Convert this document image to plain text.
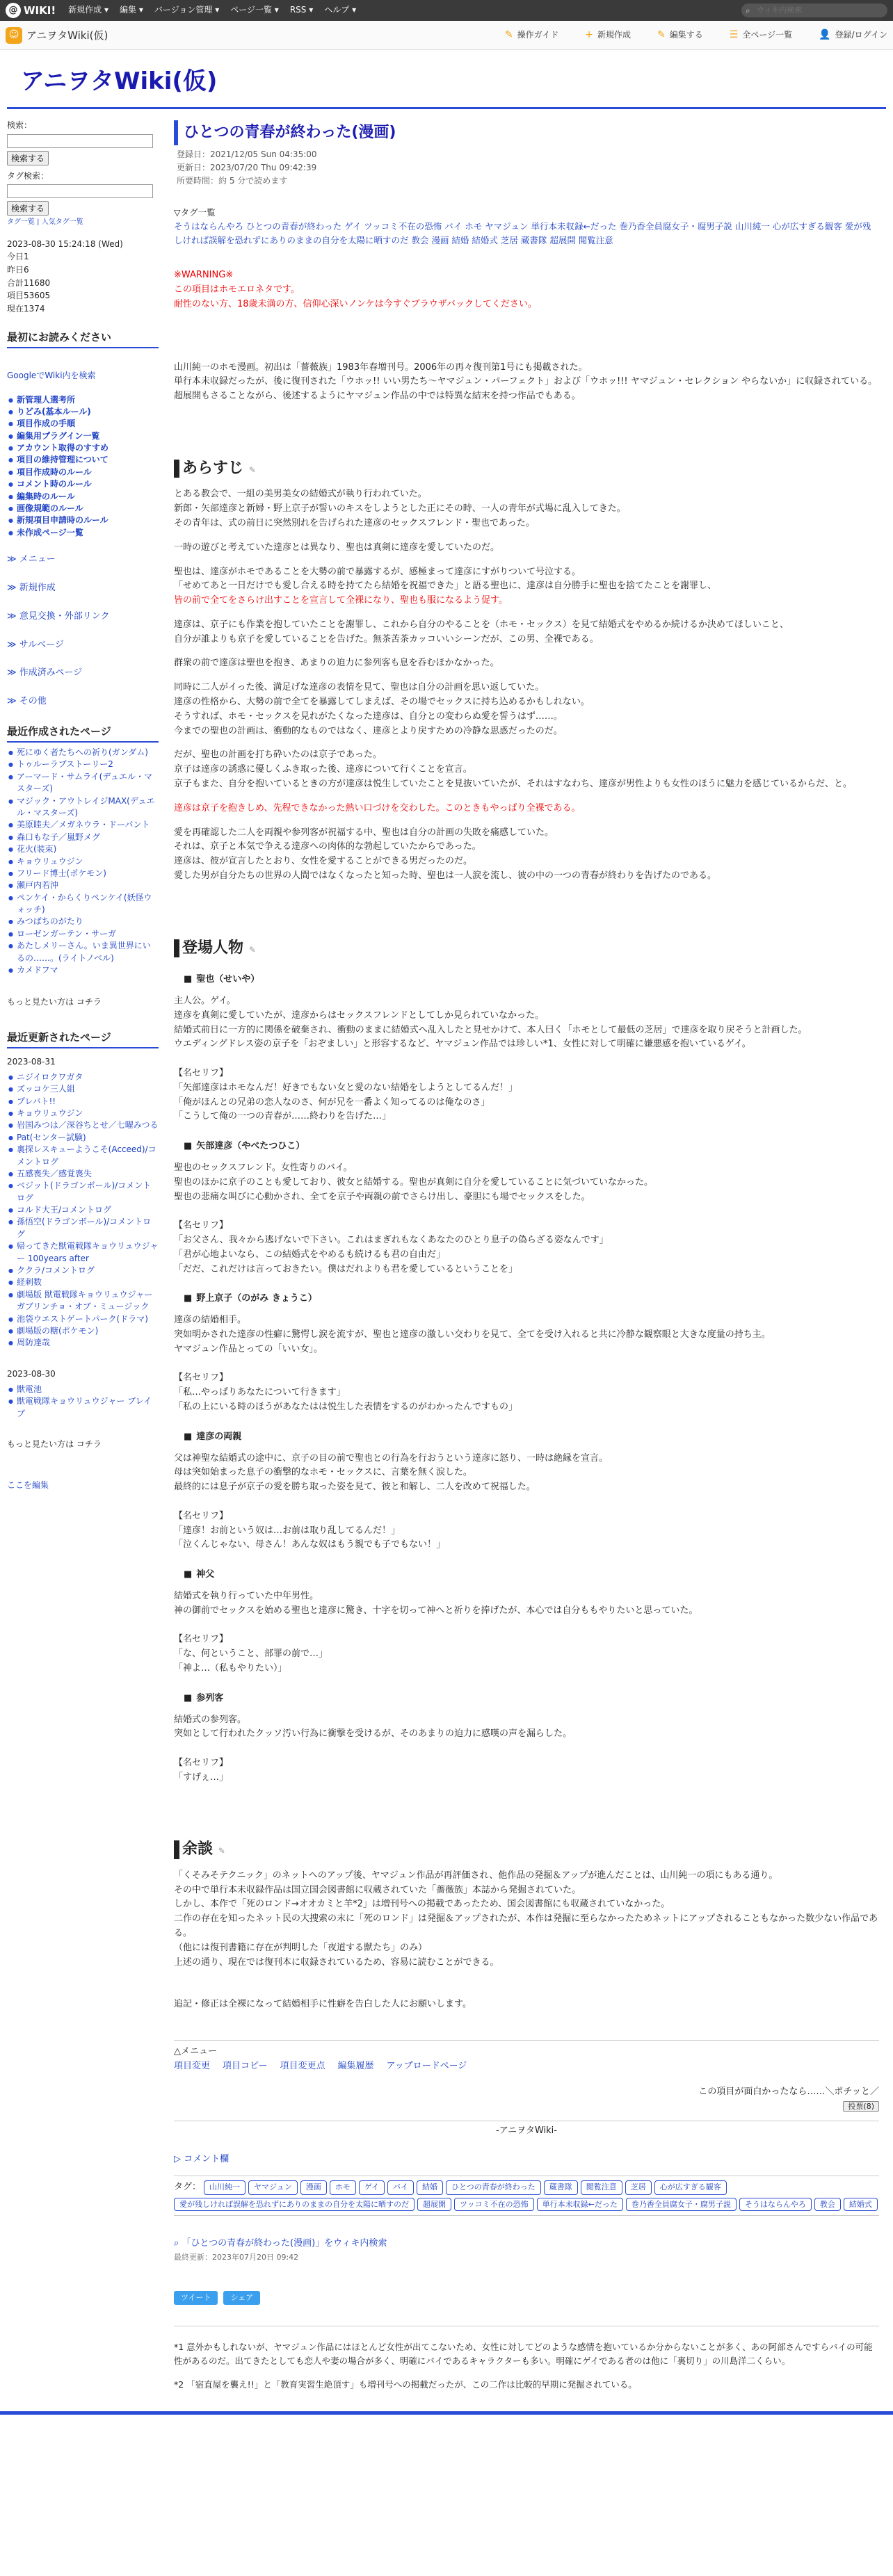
@ WIKI! 新規作成 ▾ 編集 ▾ バージョン管理 ▾ ページ一覧 ▾ RSS ▾ ヘルプ ▾	⌕
ウィキ内検索
☺ アニヲタWiki(仮)	✎ 操作ガイド	+ 新規作成	✎ 編集する	☰ 全ページ一覧	👤 登録/ログイン
アニヲタWiki(仮)
検索：
検索する
タグ検索：
検索する
タグ一覧 | 人気タグ一覧
2023-08-30 15:24:18 (Wed)
今日1
昨日6
合計11680
項目53605
現在1374
最初にお読みください
GoogleでWiki内を検索
● 新管理人選考所
● りどみ(基本ルール)
● 項目作成の手順
● 編集用プラグイン一覧
● アカウント取得のすすめ
● 項目の維持管理について
● 項目作成時のルール
● コメント時のルール
● 編集時のルール
● 画像規範のルール
● 新規項目申請時のルール
● 未作成ページ一覧
≫ メニュー
≫ 新規作成
≫ 意見交換・外部リンク
≫ サルベージ
≫ 作成済みページ
≫ その他
最近作成されたページ
● 死にゆく者たちへの祈り(ガンダム)
● トゥルーラブストーリー2
● アーマード・サムライ(デュエル・マスターズ)
● マジック・アウトレイジMAX(デュエル・マスターズ)
● 美原睦夫／メガネウラ・ドーパント
● 森口もな子／嵐野メグ
● 花火(装束)
● キョウリュウジン
● フリード博士(ポケモン)
● 瀬戸内若沖
● ペンケイ・からくりペンケイ(妖怪ウォッチ)
● みつばちのがたり
● ローゼンガーテン・サーガ
● あたしメリーさん。いま異世界にいるの……。(ライトノベル)
● カメドフマ
もっと見たい方は コチラ
最近更新されたページ
2023-08-31
● ニジイロクワガタ
● ズッコケ三人組
● プレバト!!
● キョウリュウジン
● 岩国みつは／深谷ちとせ／七曜みつる
● Pat(センター試験)
● 裏探レスキューようこそ(Acceed)/コメントログ
● 五感喪失／感覚喪失
● ベジット(ドラゴンボール)/コメントログ
● コルド大王/コメントログ
● 孫悟空(ドラゴンボール)/コメントログ
● 帰ってきた獣電戦隊キョウリュウジャー 100years after
● ククラ/コメントログ
● 経刺数
● 劇場版 獣電戦隊キョウリュウジャー ガブリンチョ・オブ・ミュージック
● 池袋ウエストゲートパーク(ドラマ)
● 劇場版の糖(ポケモン)
● 周防達哉
2023-08-30
● 獣電池
● 獣電戦隊キョウリュウジャー ブレイブ
もっと見たい方は コチラ
ここを編集
ひとつの青春が終わった(漫画)
登録日：2021/12/05 Sun 04:35:00
更新日：2023/07/20 Thu 09:42:39
所要時間：約 5 分で読めます
▽タグ一覧
そうはならんやろ ひとつの青春が終わった ゲイ ツッコミ不在の恐怖 バイ ホモ ヤマジュン 単行本未収録←だった 巻乃香全員腐女子・腐男子説 山川純一 心が広すぎる観客 愛が残しければ誤解を恐れずにありのままの自分を太陽に晒すのだ 教会 漫画 結婚 結婚式 芝居 蔵書隊 超展開 閲覧注意
※WARNING※
この項目はホモエロネタです。
耐性のない方、18歳未満の方、信仰心深いノンケは今すぐブラウザバックしてください。
山川純一のホモ漫画。初出は「薔薇族」1983年春増刊号。2006年の再々復刊第1号にも掲載された。
単行本未収録だったが、後に復刊された「ウホッ!! いい男たち〜ヤマジュン・パーフェクト」および「ウホッ!!! ヤマジュン・セレクション やらないか」に収録されている。
超展開もさることながら、後述するようにヤマジュン作品の中では特異な結末を持つ作品でもある。
あらすじ ✎
とある教会で、一組の美男美女の結婚式が執り行われていた。
新郎・矢部達彦と新婦・野上京子が誓いのキスをしようとした正にその時、一人の青年が式場に乱入してきた。
その青年は、式の前日に突然別れを告げられた達彦のセックスフレンド・聖也であった。
一時の遊びと考えていた達彦とは異なり、聖也は真剣に達彦を愛していたのだ。
聖也は、達彦がホモであることを大勢の前で暴露するが、感極まって達彦にすがりついて号泣する。
「せめてあと一日だけでも愛し合える時を持てたら結婚を祝福できた」と語る聖也に、達彦は自分勝手に聖也を捨てたことを謝罪し、
皆の前で全てをさらけ出すことを宣言して全裸になり、聖也も服になるよう促す。
達彦は、京子にも作業を抱していたことを謝罪し、これから自分のやることを（ホモ・セックス）を見て結婚式をやめるか続けるか決めてほしいこと、
自分が誰よりも京子を愛していることを告げた。無茶苦茶カッコいいシーンだが、この男、全裸である。
群衆の前で達彦は聖也を抱き、あまりの迫力に参列客も息を呑むほかなかった。
同時に二人がイった後、満足げな達彦の表情を見て、聖也は自分の計画を思い返していた。
達彦の性格から、大勢の前で全てを暴露してしまえば、その場でセックスに持ち込めるかもしれない。
そうすれば、ホモ・セックスを見れがたくなった達彦は、自分との変わらぬ愛を誓うはず……。
今までの聖也の計画は、衝動的なものではなく、達彦とより戻すための冷静な思惑だったのだ。
だが、聖也の計画を打ち砕いたのは京子であった。
京子は達彦の誘惑に優しくふき取った後、達彦について行くことを宣言。
京子もまた、自分を抱いているときの方が達彦は悦生していたことを見抜いていたが、それはすなわち、達彦が男性よりも女性のほうに魅力を感じているからだ、と。
達彦は京子を抱きしめ、先程できなかった熱い口づけを交わした。このときもやっぱり全裸である。
愛を再確認した二人を両親や参列客が祝福する中、聖也は自分の計画の失敗を痛感していた。
それは、京子と本気で争える達彦への肉体的な勃起していたからであった。
達彦は、彼が宣言したとおり、女性を愛することができる男だったのだ。
愛した男が自分たちの世界の人間ではなくなったと知った時、聖也は一人涙を流し、彼の中の一つの青春が終わりを告げたのである。
登場人物 ✎
■ 聖也（せいや）
主人公。ゲイ。
達彦を真剣に愛していたが、達彦からはセックスフレンドとしてしか見られていなかった。
結婚式前日に一方的に関係を破棄され、衝動のままに結婚式へ乱入したと見せかけて、本人曰く「ホモとして最低の芝居」で達彦を取り戻そうと計画した。
ウエディングドレス姿の京子を「おぞましい」と形容するなど、ヤマジュン作品では珍しい*1、女性に対して明確に嫌悪感を抱いているゲイ。

【名セリフ】
「矢部達彦はホモなんだ！好きでもない女と愛のない結婚をしようとしてるんだ！」
「俺がほんとの兄弟の恋人なのさ、何が兄を一番よく知ってるのは俺なのさ」
「こうして俺の一つの青春が……終わりを告げた…」
■ 矢部達彦（やべたつひこ）
聖也のセックスフレンド。女性寄りのバイ。
聖也のほかに京子のことも愛しており、彼女と結婚する。聖也が真剣に自分を愛していることに気づいていなかった。
聖也の悲痛な叫びに心動かされ、全てを京子や両親の前でさらけ出し、豪胆にも場でセックスをした。

【名セリフ】
「お父さん、我々から逃げないで下さい。これはまぎれもなくあなたのひとり息子の偽らざる姿なんです」
「君が心地よいなら、この結婚式をやめるも続けるも君の自由だ」
「だだ、これだけは言っておきたい。僕はだれよりも君を愛しているということを」
■ 野上京子（のがみ きょうこ）
達彦の結婚相手。
突如明かされた達彦の性癖に驚愕し涙を流すが、聖也と達彦の激しい交わりを見て、全てを受け入れると共に冷静な観察眼と大きな度量の持ち主。
ヤマジュン作品とっての「いい女」。

【名セリフ】
「私…やっぱりあなたについて行きます」
「私の上にいる時のほうがあなたはは悦生した表情をするのがわかったんですもの」
■ 達彦の両親
父は神聖な結婚式の途中に、京子の目の前で聖也との行為を行おうという達彦に怒り、一時は絶縁を宣言。
母は突如始まった息子の衝撃的なホモ・セックスに、言葉を無く涙した。
最終的には息子が京子の愛を勝ち取った姿を見て、彼と和解し、二人を改めて祝福した。

【名セリフ】
「達彦！お前という奴は…お前は取り乱してるんだ！」
「泣くんじゃない、母さん！あんな奴はもう親でも子でもない！」
■ 神父
結婚式を執り行っていた中年男性。
神の御前でセックスを始める聖也と達彦に驚き、十字を切って神へと祈りを捧げたが、本心では自分ももやりたいと思っていた。

【名セリフ】
「な、何ということ、部罪の前で…」
「神よ…（私もやりたい）」
■ 参列客
結婚式の参列客。
突如として行われたクッソ汚い行為に衝撃を受けるが、そのあまりの迫力に感嘆の声を漏らした。

【名セリフ】
「すげぇ…」
余談 ✎
「くそみそテクニック」のネットへのアップ後、ヤマジュン作品が再評価され、他作品の発掘＆アップが進んだことは、山川純一の項にもある通り。
その中で単行本未収録作品は国立国会図書館に収蔵されていた「薔薇族」本誌から発掘されていた。
しかし、本作で「死のロンド→オオカミと羊*2」は増刊号への掲載であったため、国会図書館にも収蔵されていなかった。
二作の存在を知ったネット民の大捜索の末に「死のロンド」は発掘＆アップされたが、本作は発掘に至らなかったためネットにアップされることもなかった数少ない作品である。
（他には復刊書籍に存在が判明した「夜道する獣たち」のみ）
上述の通り、現在では復刊本に収録されているため、容易に読むことができる。

追記・修正は全裸になって結婚相手に性癖を告白した人にお願いします。

△メニュー
項目変更 項目コピー 項目変更点 編集履歴 アップロードページ
この項目が面白かったなら……＼ポチッと／
投票(8)
-アニヲタWiki-
▷ コメント欄
タグ：	山川純一	ヤマジュン	漫画	ホモ	ゲイ	バイ	結婚	ひとつの青春が終わった	蔵書隊	閲覧注意	芝居	心が広すぎる観客
愛が残しければ誤解を恐れずにありのままの自分を太陽に晒すのだ	超展開	ツッコミ不在の恐怖	単行本未収録←だった	巻乃香全員腐女子・腐男子説	そうはならんやろ	教会	結婚式
⌕ 「ひとつの青春が終わった(漫画)」をウィキ内検索
最終更新：2023年07月20日 09:42
ツイート	シェア

*1 意外かもしれないが、ヤマジュン作品にはほとんど女性が出てこないため、女性に対してどのような感情を抱いているか分からないことが多く、あの阿部さんですらバイの可能性があるのだ。出てきたとしても恋人や妻の場合が多く、明確にバイであるキャラクターも多い。明確にゲイである者のは他に「裏切り」の川島洋二くらい。

*2 「宿直屋を襲え!!」と「教育実習生絶頂す」も増刊号への掲載だったが、この二作は比較的早期に発掘されている。
